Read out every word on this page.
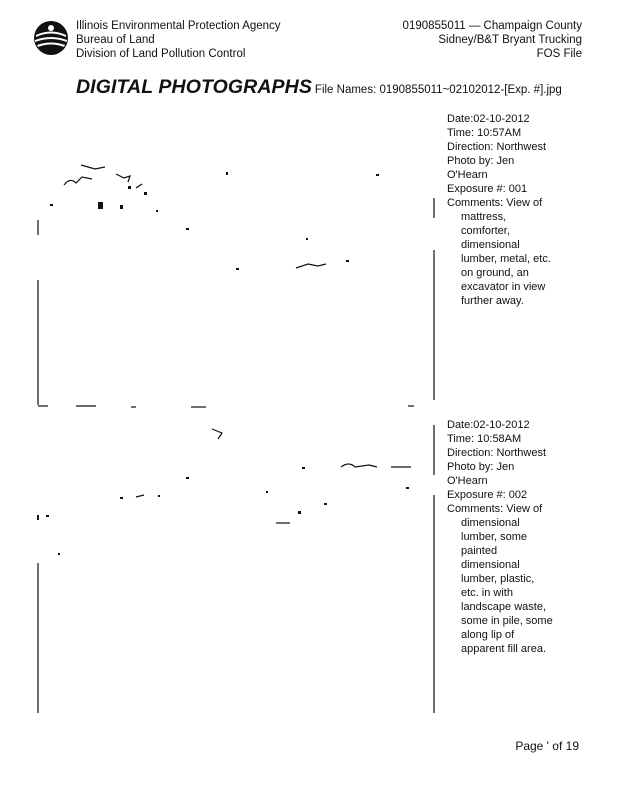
Illinois Environmental Protection Agency
Bureau of Land
Division of Land Pollution Control
0190855011 — Champaign County
Sidney/B&T Bryant Trucking
FOS File
DIGITAL PHOTOGRAPHS File Names: 0190855011~02102012-[Exp. #].jpg
Date:02-10-2012
Time: 10:57AM
Direction: Northwest
Photo by: Jen
O'Hearn
Exposure #: 001
Comments: View of
mattress,
comforter,
dimensional
lumber, metal, etc.
on ground, an
excavator in view
further away.
Date:02-10-2012
Time: 10:58AM
Direction: Northwest
Photo by: Jen
O'Hearn
Exposure #: 002
Comments: View of
dimensional
lumber, some
painted
dimensional
lumber, plastic,
etc. in with
landscape waste,
some in pile, some
along lip of
apparent fill area.
Page ' of 19
